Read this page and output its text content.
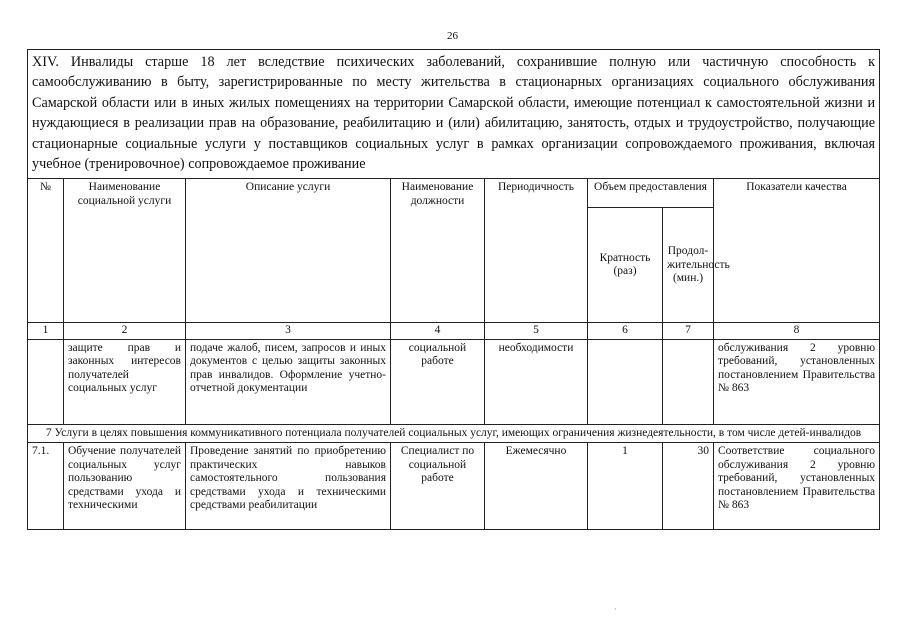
26
XIV. Инвалиды старше 18 лет вследствие психических заболеваний, сохранившие полную или частичную способность к самообслуживанию в быту, зарегистрированные по месту жительства в стационарных организациях социального обслуживания Самарской области или в иных жилых помещениях на территории Самарской области, имеющие потенциал к самостоятельной жизни и нуждающиеся в реализации прав на образование, реабилитацию и (или) абилитацию, занятость, отдых и трудоустройство, получающие стационарные социальные услуги у поставщиков социальных услуг в рамках организации сопровождаемого проживания, включая учебное (тренировочное) сопровождаемое проживание							
№	Наименование социальной услуги	Описание услуги	Наименование должности	Периодичность	Объем предоставления		Показатели качества
					Кратность (раз)	Продол-жительность (мин.)	
1	2	3	4	5	6	7	8
	защите прав и законных интересов получателей социальных услуг	подаче жалоб, писем, запросов и иных документов с целью защиты законных прав инвалидов. Оформление учетно-отчетной документации	социальной работе	необходимости			обслуживания 2 уровню требований, установленных постановлением Правительства № 863
7 Услуги в целях повышения коммуникативного потенциала получателей социальных услуг, имеющих ограничения жизнедеятельности, в том числе детей-инвалидов							
7.1.	Обучение получателей социальных услуг пользованию средствами ухода и техническими	Проведение занятий по приобретению практических навыков самостоятельного пользования средствами ухода и техническими средствами реабилитации	Специалист по социальной работе	Ежемесячно	1	30	Соответствие социального обслуживания 2 уровню требований, установленных постановлением Правительства № 863
·
